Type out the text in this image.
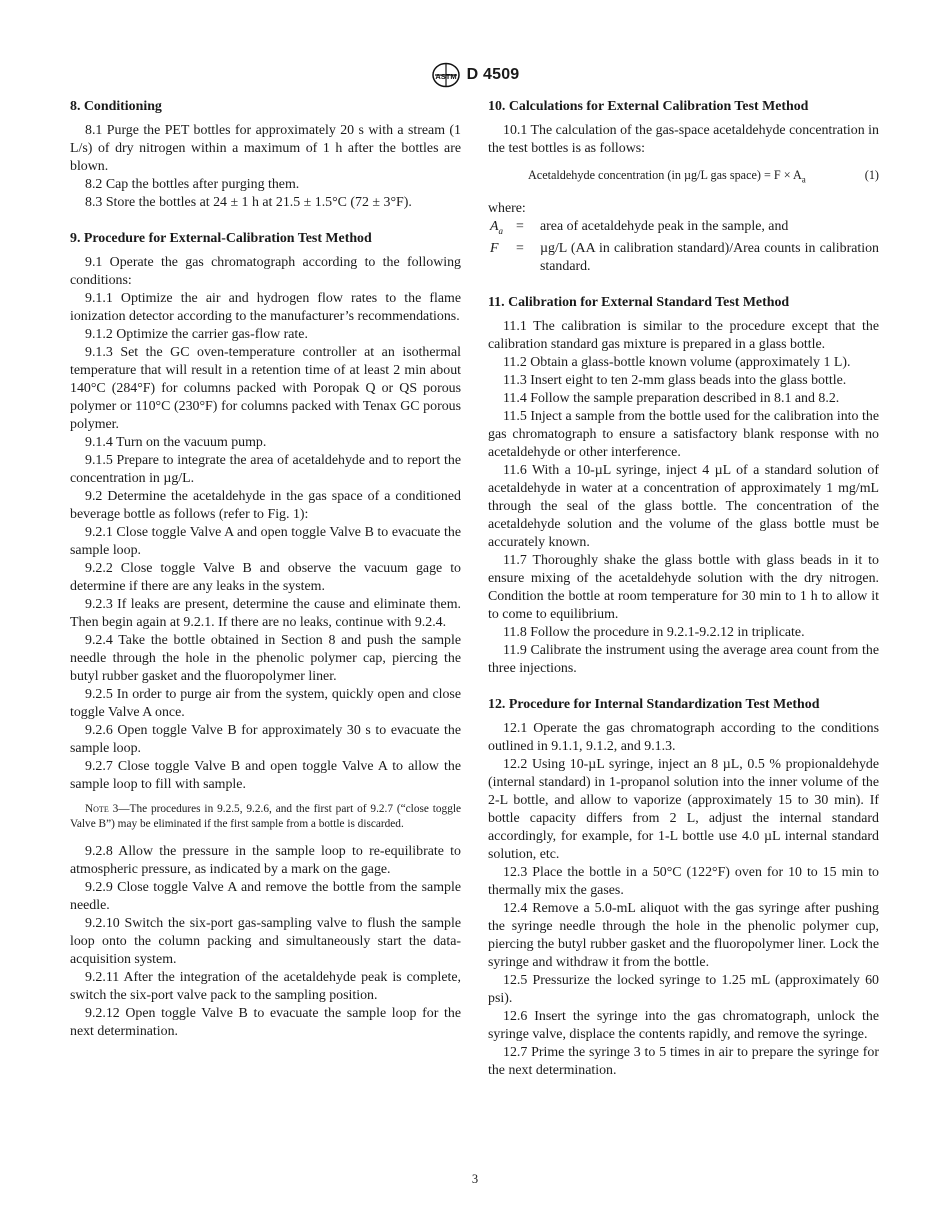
ASTM D 4509
8. Conditioning

8.1 Purge the PET bottles for approximately 20 s with a stream (1 L/s) of dry nitrogen within a maximum of 1 h after the bottles are blown.

8.2 Cap the bottles after purging them.

8.3 Store the bottles at 24 ± 1 h at 21.5 ± 1.5°C (72 ± 3°F).

9. Procedure for External-Calibration Test Method

9.1 Operate the gas chromatograph according to the following conditions:

9.1.1 Optimize the air and hydrogen flow rates to the flame ionization detector according to the manufacturer’s recommendations.

9.1.2 Optimize the carrier gas-flow rate.

9.1.3 Set the GC oven-temperature controller at an isothermal temperature that will result in a retention time of at least 2 min about 140°C (284°F) for columns packed with Poropak Q or QS porous polymer or 110°C (230°F) for columns packed with Tenax GC porous polymer.

9.1.4 Turn on the vacuum pump.

9.1.5 Prepare to integrate the area of acetaldehyde and to report the concentration in µg/L.

9.2 Determine the acetaldehyde in the gas space of a conditioned beverage bottle as follows (refer to Fig. 1):

9.2.1 Close toggle Valve A and open toggle Valve B to evacuate the sample loop.

9.2.2 Close toggle Valve B and observe the vacuum gage to determine if there are any leaks in the system.

9.2.3 If leaks are present, determine the cause and eliminate them. Then begin again at 9.2.1. If there are no leaks, continue with 9.2.4.

9.2.4 Take the bottle obtained in Section 8 and push the sample needle through the hole in the phenolic polymer cap, piercing the butyl rubber gasket and the fluoropolymer liner.

9.2.5 In order to purge air from the system, quickly open and close toggle Valve A once.

9.2.6 Open toggle Valve B for approximately 30 s to evacuate the sample loop.

9.2.7 Close toggle Valve B and open toggle Valve A to allow the sample loop to fill with sample.

Note 3—The procedures in 9.2.5, 9.2.6, and the first part of 9.2.7 (“close toggle Valve B”) may be eliminated if the first sample from a bottle is discarded.

9.2.8 Allow the pressure in the sample loop to re-equilibrate to atmospheric pressure, as indicated by a mark on the gage.

9.2.9 Close toggle Valve A and remove the bottle from the sample needle.

9.2.10 Switch the six-port gas-sampling valve to flush the sample loop onto the column packing and simultaneously start the data-acquisition system.

9.2.11 After the integration of the acetaldehyde peak is complete, switch the six-port valve pack to the sampling position.

9.2.12 Open toggle Valve B to evacuate the sample loop for the next determination.

10. Calculations for External Calibration Test Method

10.1 The calculation of the gas-space acetaldehyde concentration in the test bottles is as follows:

Acetaldehyde concentration (in µg/L gas space) = $F \times A_a$	(1)

where:

$A_a$ =	area of acetaldehyde peak in the sample, and
F	=	µg/L (AA in calibration standard)/Area counts in calibration standard.
11. Calibration for External Standard Test Method

11.1 The calibration is similar to the procedure except that the calibration standard gas mixture is prepared in a glass bottle.

11.2 Obtain a glass-bottle known volume (approximately 1 L).

11.3 Insert eight to ten 2-mm glass beads into the glass bottle.

11.4 Follow the sample preparation described in 8.1 and 8.2.

11.5 Inject a sample from the bottle used for the calibration into the gas chromatograph to ensure a satisfactory blank response with no acetaldehyde or other interference.

11.6 With a 10-µL syringe, inject 4 µL of a standard solution of acetaldehyde in water at a concentration of approximately 1 mg/mL through the seal of the glass bottle. The concentration of the acetaldehyde solution and the volume of the glass bottle must be accurately known.

11.7 Thoroughly shake the glass bottle with glass beads in it to ensure mixing of the acetaldehyde solution with the dry nitrogen. Condition the bottle at room temperature for 30 min to 1 h to allow it to come to equilibrium.

11.8 Follow the procedure in 9.2.1-9.2.12 in triplicate.

11.9 Calibrate the instrument using the average area count from the three injections.

12. Procedure for Internal Standardization Test Method

12.1 Operate the gas chromatograph according to the conditions outlined in 9.1.1, 9.1.2, and 9.1.3.

12.2 Using 10-µL syringe, inject an 8 µL, 0.5 % propionaldehyde (internal standard) in 1-propanol solution into the inner volume of the 2-L bottle, and allow to vaporize (approximately 15 to 30 min). If bottle capacity differs from 2 L, adjust the internal standard accordingly, for example, for 1-L bottle use 4.0 µL internal standard solution, etc.

12.3 Place the bottle in a 50°C (122°F) oven for 10 to 15 min to thermally mix the gases.

12.4 Remove a 5.0-mL aliquot with the gas syringe after pushing the syringe needle through the hole in the phenolic polymer cup, piercing the butyl rubber gasket and the fluoropolymer liner. Lock the syringe and withdraw it from the bottle.

12.5 Pressurize the locked syringe to 1.25 mL (approximately 60 psi).

12.6 Insert the syringe into the gas chromatograph, unlock the syringe valve, displace the contents rapidly, and remove the syringe.

12.7 Prime the syringe 3 to 5 times in air to prepare the syringe for the next determination.

3
